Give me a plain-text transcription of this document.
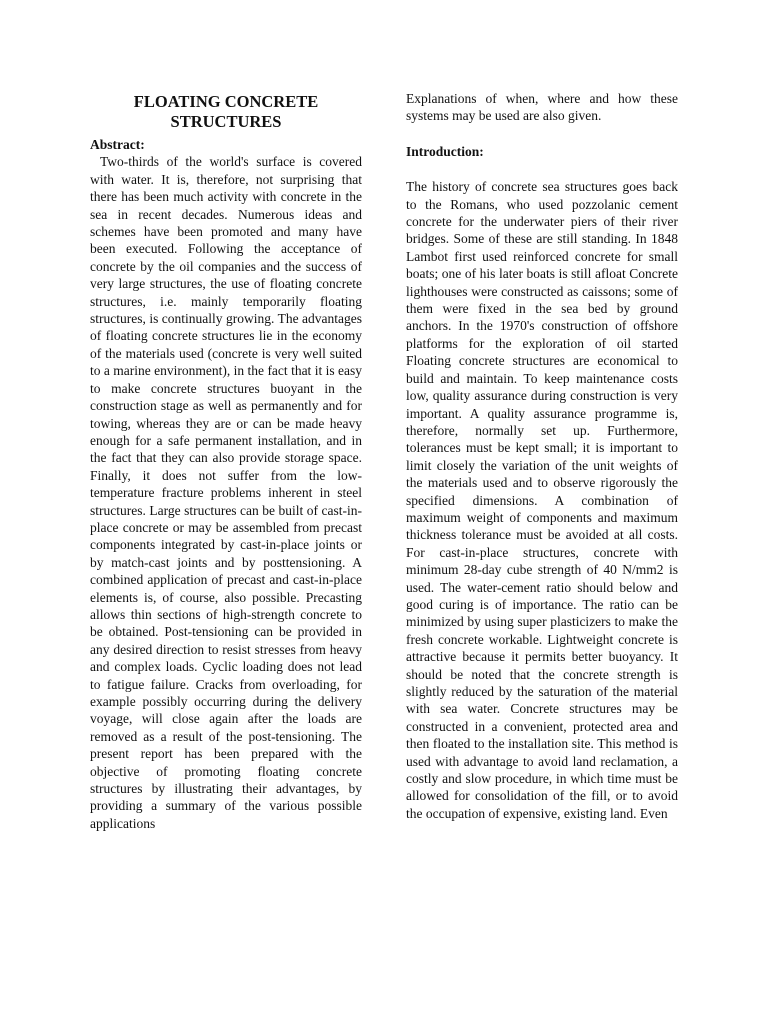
FLOATING CONCRETE STRUCTURES

Abstract:

Two-thirds of the world's surface is covered with water. It is, therefore, not surprising that there has been much activity with concrete in the sea in recent decades. Numerous ideas and schemes have been promoted and many have been executed. Following the acceptance of concrete by the oil companies and the success of very large structures, the use of floating concrete structures, i.e. mainly temporarily floating structures, is continually growing. The advantages of floating concrete structures lie in the economy of the materials used (concrete is very well suited to a marine environment), in the fact that it is easy to make concrete structures buoyant in the construction stage as well as permanently and for towing, whereas they are or can be made heavy enough for a safe permanent installation, and in the fact that they can also provide storage space. Finally, it does not suffer from the low-temperature fracture problems inherent in steel structures. Large structures can be built of cast-in-place concrete or may be assembled from precast components integrated by cast-in-place joints or by match-cast joints and by posttensioning. A combined application of precast and cast-in-place elements is, of course, also possible. Precasting allows thin sections of high-strength concrete to be obtained. Post-tensioning can be provided in any desired direction to resist stresses from heavy and complex loads. Cyclic loading does not lead to fatigue failure. Cracks from overloading, for example possibly occurring during the delivery voyage, will close again after the loads are removed as a result of the post-tensioning. The present report has been prepared with the objective of promoting floating concrete structures by illustrating their advantages, by providing a summary of the various possible applications

Explanations of when, where and how these systems may be used are also given.

Introduction:

The history of concrete sea structures goes back to the Romans, who used pozzolanic cement concrete for the underwater piers of their river bridges. Some of these are still standing. In 1848 Lambot first used reinforced concrete for small boats; one of his later boats is still afloat Concrete lighthouses were constructed as caissons; some of them were fixed in the sea bed by ground anchors. In the 1970's construction of offshore platforms for the exploration of oil started Floating concrete structures are economical to build and maintain. To keep maintenance costs low, quality assurance during construction is very important. A quality assurance programme is, therefore, normally set up. Furthermore, tolerances must be kept small; it is important to limit closely the variation of the unit weights of the materials used and to observe rigorously the specified dimensions. A combination of maximum weight of components and maximum thickness tolerance must be avoided at all costs. For cast-in-place structures, concrete with minimum 28-day cube strength of 40 N/mm2 is used. The water-cement ratio should below and good curing is of importance. The ratio can be minimized by using super plasticizers to make the fresh concrete workable. Lightweight concrete is attractive because it permits better buoyancy. It should be noted that the concrete strength is slightly reduced by the saturation of the material with sea water. Concrete structures may be constructed in a convenient, protected area and then floated to the installation site. This method is used with advantage to avoid land reclamation, a costly and slow procedure, in which time must be allowed for consolidation of the fill, or to avoid the occupation of expensive, existing land. Even
